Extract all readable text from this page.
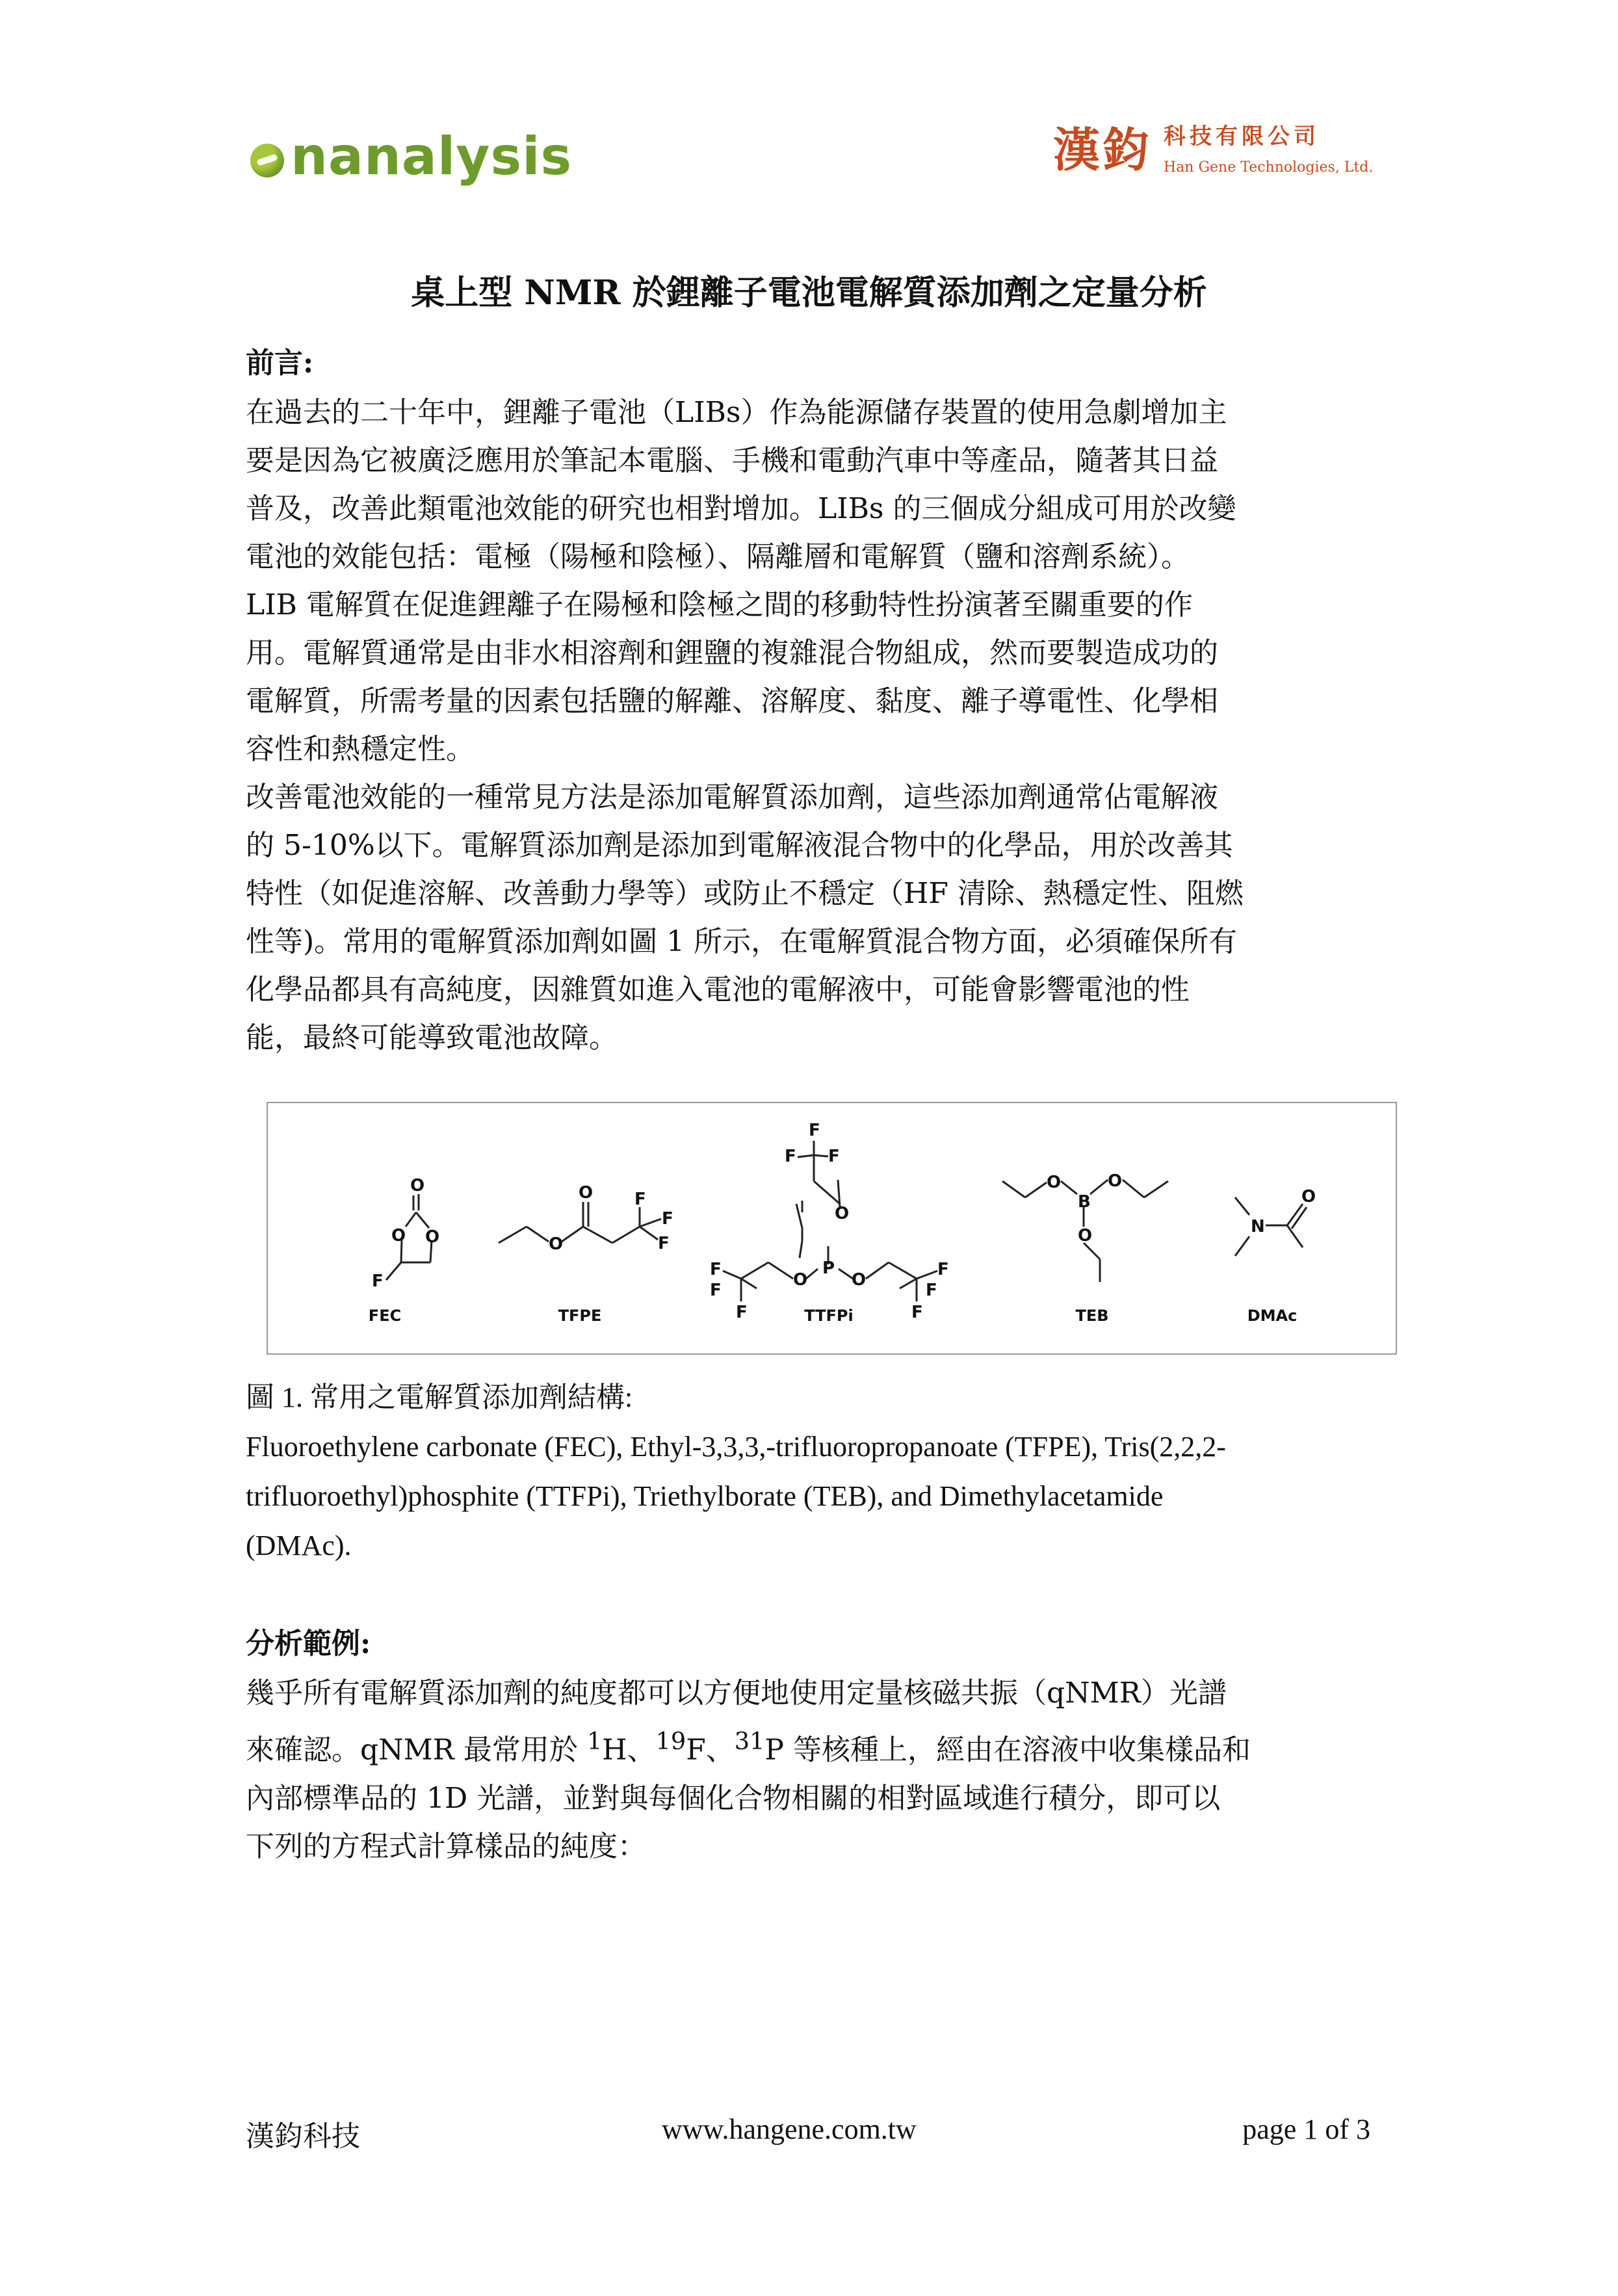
nanalysis	漢鈞 科技有限公司
Han Gene Technologies, Ltd.
桌上型 NMR 於鋰離子電池電解質添加劑之定量分析
前言:
在過去的二十年中，鋰離子電池（LIBs）作為能源儲存裝置的使用急劇增加主
要是因為它被廣泛應用於筆記本電腦、手機和電動汽車中等產品，隨著其日益
普及，改善此類電池效能的研究也相對增加。LIBs 的三個成分組成可用於改變
電池的效能包括：電極（陽極和陰極）、隔離層和電解質（鹽和溶劑系統）。
LIB 電解質在促進鋰離子在陽極和陰極之間的移動特性扮演著至關重要的作
用。電解質通常是由非水相溶劑和鋰鹽的複雜混合物組成，然而要製造成功的
電解質，所需考量的因素包括鹽的解離、溶解度、黏度、離子導電性、化學相
容性和熱穩定性。
改善電池效能的一種常見方法是添加電解質添加劑，這些添加劑通常佔電解液
的 5-10%以下。電解質添加劑是添加到電解液混合物中的化學品，用於改善其
特性（如促進溶解、改善動力學等）或防止不穩定（HF 清除、熱穩定性、阻燃
性等)。常用的電解質添加劑如圖 1 所示，在電解質混合物方面，必須確保所有
化學品都具有高純度，因雜質如進入電池的電解液中，可能會影響電池的性
能，最終可能導致電池故障。
O
O O
F
O
O F
F
F
F
F F
O
P
O
O
F
F
F
F
F
F
O
B
O
O	N
O
FEC	TFPE	TTFPi	TEB	DMAc
圖 1. 常用之電解質添加劑結構:
Fluoroethylene carbonate (FEC), Ethyl-3,3,3,-trifluoropropanoate (TFPE), Tris(2,2,2-
trifluoroethyl)phosphite (TTFPi), Triethylborate (TEB), and Dimethylacetamide
(DMAc).
分析範例:
幾乎所有電解質添加劑的純度都可以方便地使用定量核磁共振（qNMR）光譜
來確認。qNMR 最常用於 $^1$H、$^{19}$F、$^{31}$P 等核種上，經由在溶液中收集樣品和
內部標準品的 1D 光譜，並對與每個化合物相關的相對區域進行積分，即可以
下列的方程式計算樣品的純度：
漢鈞科技	www.hangene.com.tw	page 1 of 3
